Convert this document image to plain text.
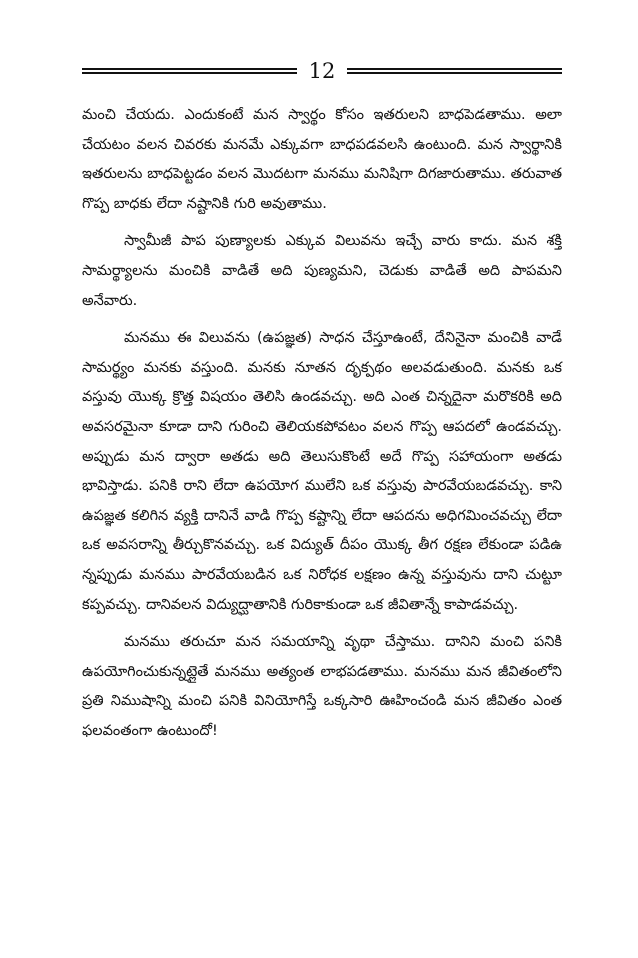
12

మంచి చేయదు. ఎందుకంటే మన స్వార్థం కోసం ఇతరులని బాధపెడతాము. అలా చేయటం వలన చివరకు మనమే ఎక్కువగా బాధపడవలసి ఉంటుంది. మన స్వార్థానికి ఇతరులను బాధపెట్టడం వలన మొదటగా మనము మనిషిగా దిగజారుతాము. తరువాత గొప్ప బాధకు లేదా నష్టానికి గురి అవుతాము.

స్వామీజీ పాప పుణ్యాలకు ఎక్కువ విలువను ఇచ్చే వారు కాదు. మన శక్తి సామర్థ్యాలను మంచికి వాడితే అది పుణ్యమని, చెడుకు వాడితే అది పాపమని అనేవారు.

మనము ఈ విలువను (ఉపజ్ఞత) సాధన చేస్తూఉంటే, దేనినైనా మంచికి వాడే సామర్థ్యం మనకు వస్తుంది. మనకు నూతన దృక్పథం అలవడుతుంది. మనకు ఒక వస్తువు యొక్క క్రొత్త విషయం తెలిసి ఉండవచ్చు. అది ఎంత చిన్నదైనా మరొకరికి అది అవసరమైనా కూడా దాని గురించి తెలియకపోవటం వలన గొప్ప ఆపదలో ఉండవచ్చు. అప్పుడు మన ద్వారా అతడు అది తెలుసుకొంటే అదే గొప్ప సహాయంగా అతడు భావిస్తాడు. పనికి రాని లేదా ఉపయోగ ములేని ఒక వస్తువు పారవేయబడవచ్చు. కాని ఉపజ్ఞత కలిగిన వ్యక్తి దానినే వాడి గొప్ప కష్టాన్ని లేదా ఆపదను అధిగమించవచ్చు లేదా ఒక అవసరాన్ని తీర్చుకొనవచ్చు. ఒక విద్యుత్ దీపం యొక్క తీగ రక్షణ లేకుండా పడిఉ న్నప్పుడు మనము పారవేయబడిన ఒక నిరోధక లక్షణం ఉన్న వస్తువును దాని చుట్టూ కప్పవచ్చు. దానివలన విద్యుద్ఘాతానికి గురికాకుండా ఒక జీవితాన్నే కాపాడవచ్చు.

మనము తరుచూ మన సమయాన్ని వృథా చేస్తాము. దానిని మంచి పనికి ఉపయోగించుకున్నట్లైతే మనము అత్యంత లాభపడతాము. మనము మన జీవితంలోని ప్రతి నిముషాన్ని మంచి పనికి వినియోగిస్తే ఒక్కసారి ఊహించండి మన జీవితం ఎంత ఫలవంతంగా ఉంటుందో!
